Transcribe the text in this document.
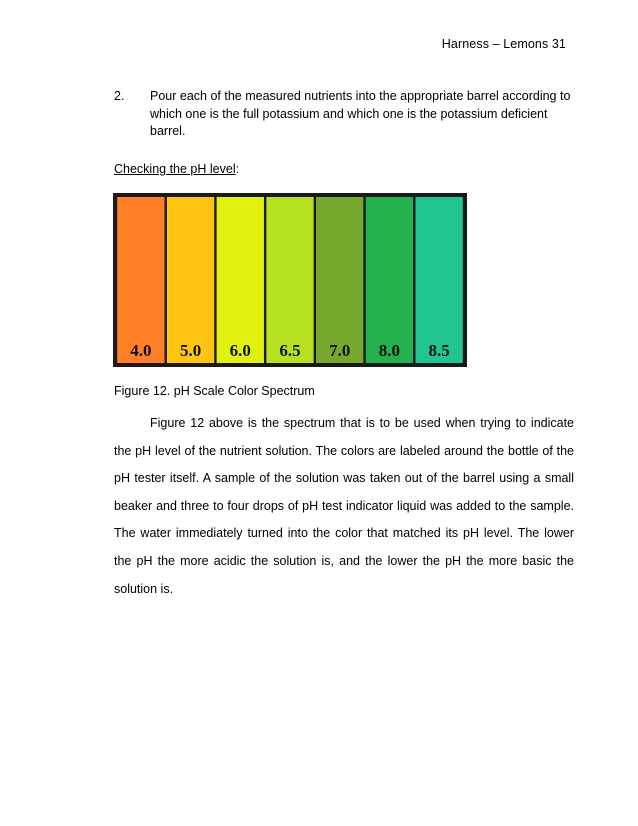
Harness – Lemons 31
2. Pour each of the measured nutrients into the appropriate barrel according to which one is the full potassium and which one is the potassium deficient barrel.
Checking the pH level:
4.0 5.0 6.0 6.5 7.0 8.0 8.5
Figure 12. pH Scale Color Spectrum
Figure 12 above is the spectrum that is to be used when trying to indicate the pH level of the nutrient solution. The colors are labeled around the bottle of the pH tester itself. A sample of the solution was taken out of the barrel using a small beaker and three to four drops of pH test indicator liquid was added to the sample. The water immediately turned into the color that matched its pH level. The lower the pH the more acidic the solution is, and the lower the pH the more basic the solution is.
